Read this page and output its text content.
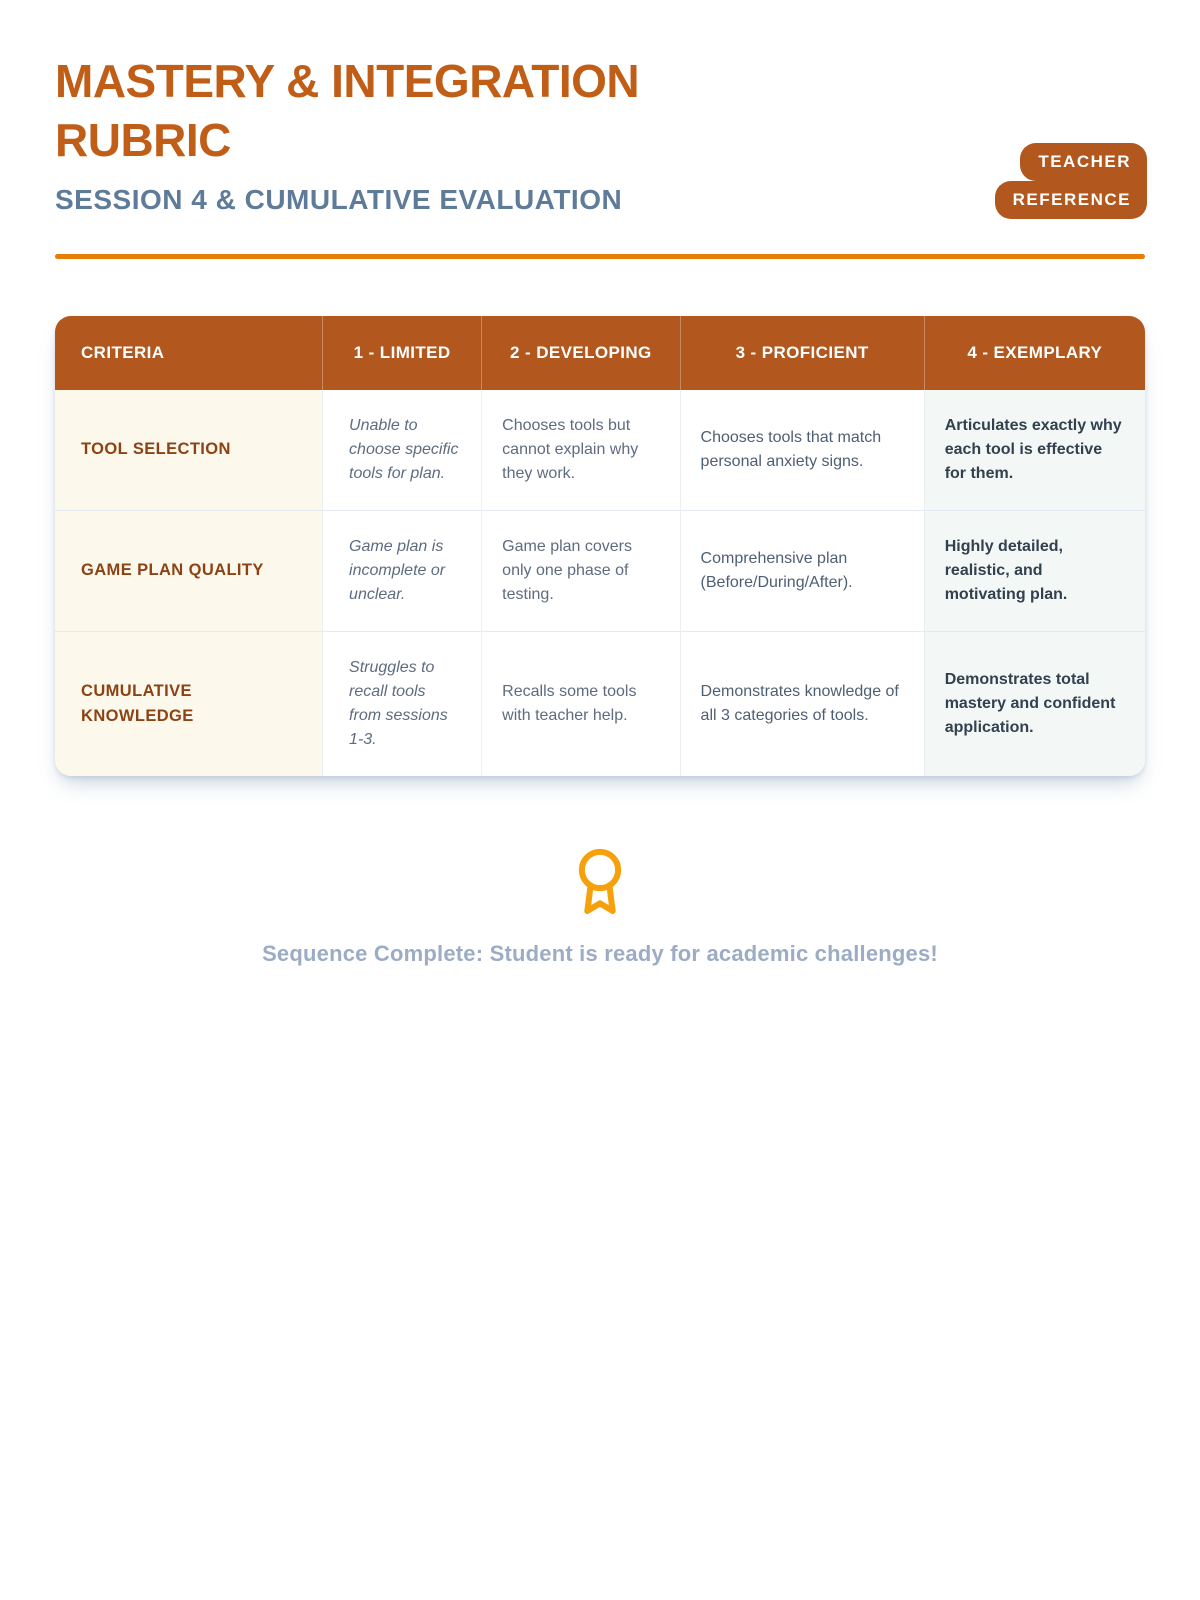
MASTERY & INTEGRATION
RUBRIC
SESSION 4 & CUMULATIVE EVALUATION
TEACHER
REFERENCE
CRITERIA	1 - LIMITED	2 - DEVELOPING	3 - PROFICIENT	4 - EXEMPLARY
TOOL SELECTION	Unable to choose specific tools for plan.	Chooses tools but cannot explain why they work.	Chooses tools that match personal anxiety signs.	Articulates exactly why each tool is effective for them.
GAME PLAN QUALITY	Game plan is incomplete or unclear.	Game plan covers only one phase of testing.	Comprehensive plan (Before/During/After).	Highly detailed, realistic, and motivating plan.
CUMULATIVE KNOWLEDGE	Struggles to recall tools from sessions 1-3.	Recalls some tools with teacher help.	Demonstrates knowledge of all 3 categories of tools.	Demonstrates total mastery and confident application.
Sequence Complete: Student is ready for academic challenges!
